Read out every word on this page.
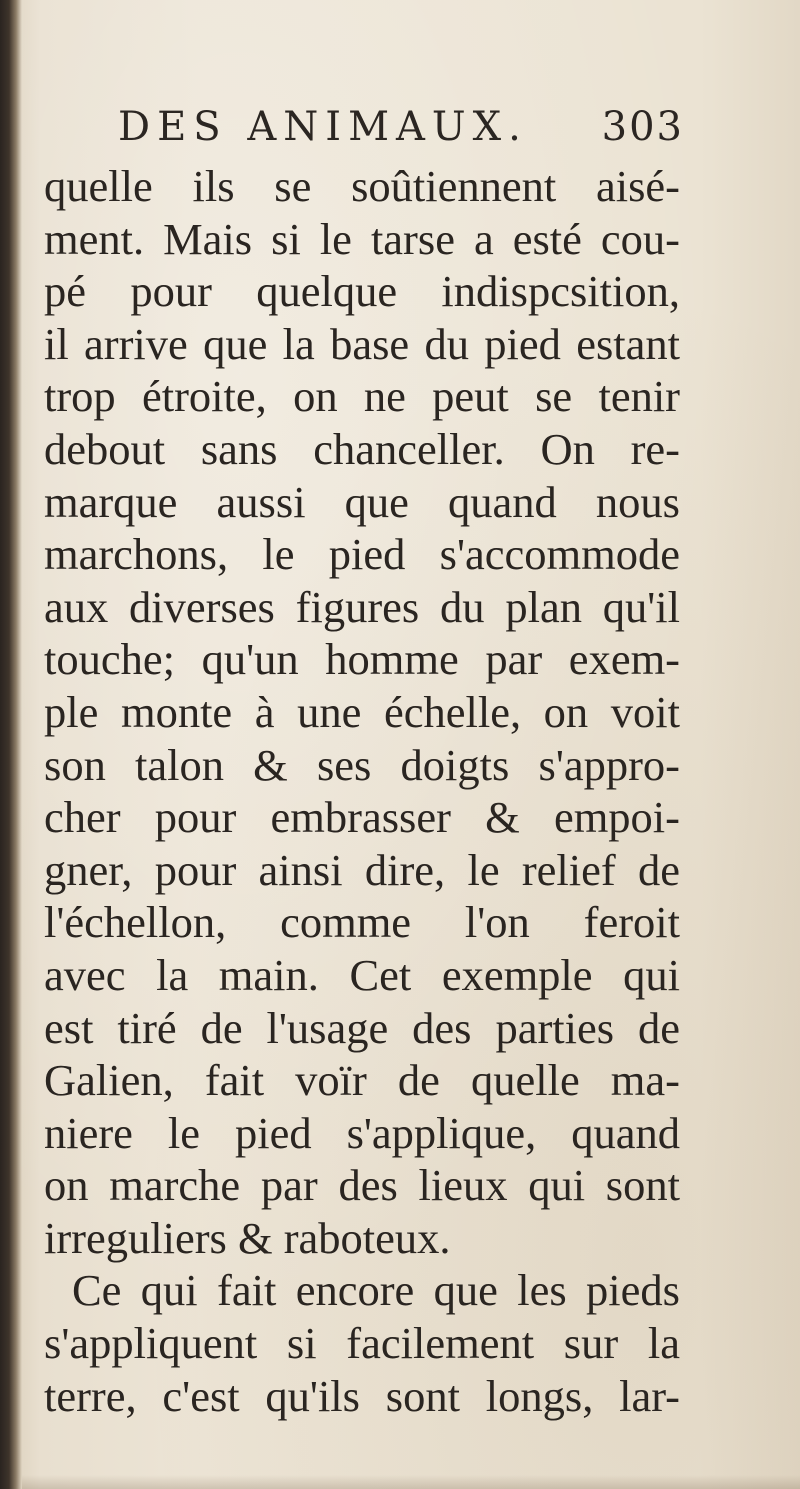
DES ANIMAUX. 303
quelle ils se soûtiennent aisé-
ment. Mais si le tarse a esté cou-
pé pour quelque indispcsition,
il arrive que la base du pied estant
trop étroite, on ne peut se tenir
debout sans chanceller. On re-
marque aussi que quand nous
marchons, le pied s'accommode
aux diverses figures du plan qu'il
touche; qu'un homme par exem-
ple monte à une échelle, on voit
son talon & ses doigts s'appro-
cher pour embrasser & empoi-
gner, pour ainsi dire, le relief de
l'échellon, comme l'on feroit
avec la main. Cet exemple qui
est tiré de l'usage des parties de
Galien, fait voïr de quelle ma-
niere le pied s'applique, quand
on marche par des lieux qui sont
irreguliers & raboteux.
Ce qui fait encore que les pieds
s'appliquent si facilement sur la
terre, c'est qu'ils sont longs, lar-
